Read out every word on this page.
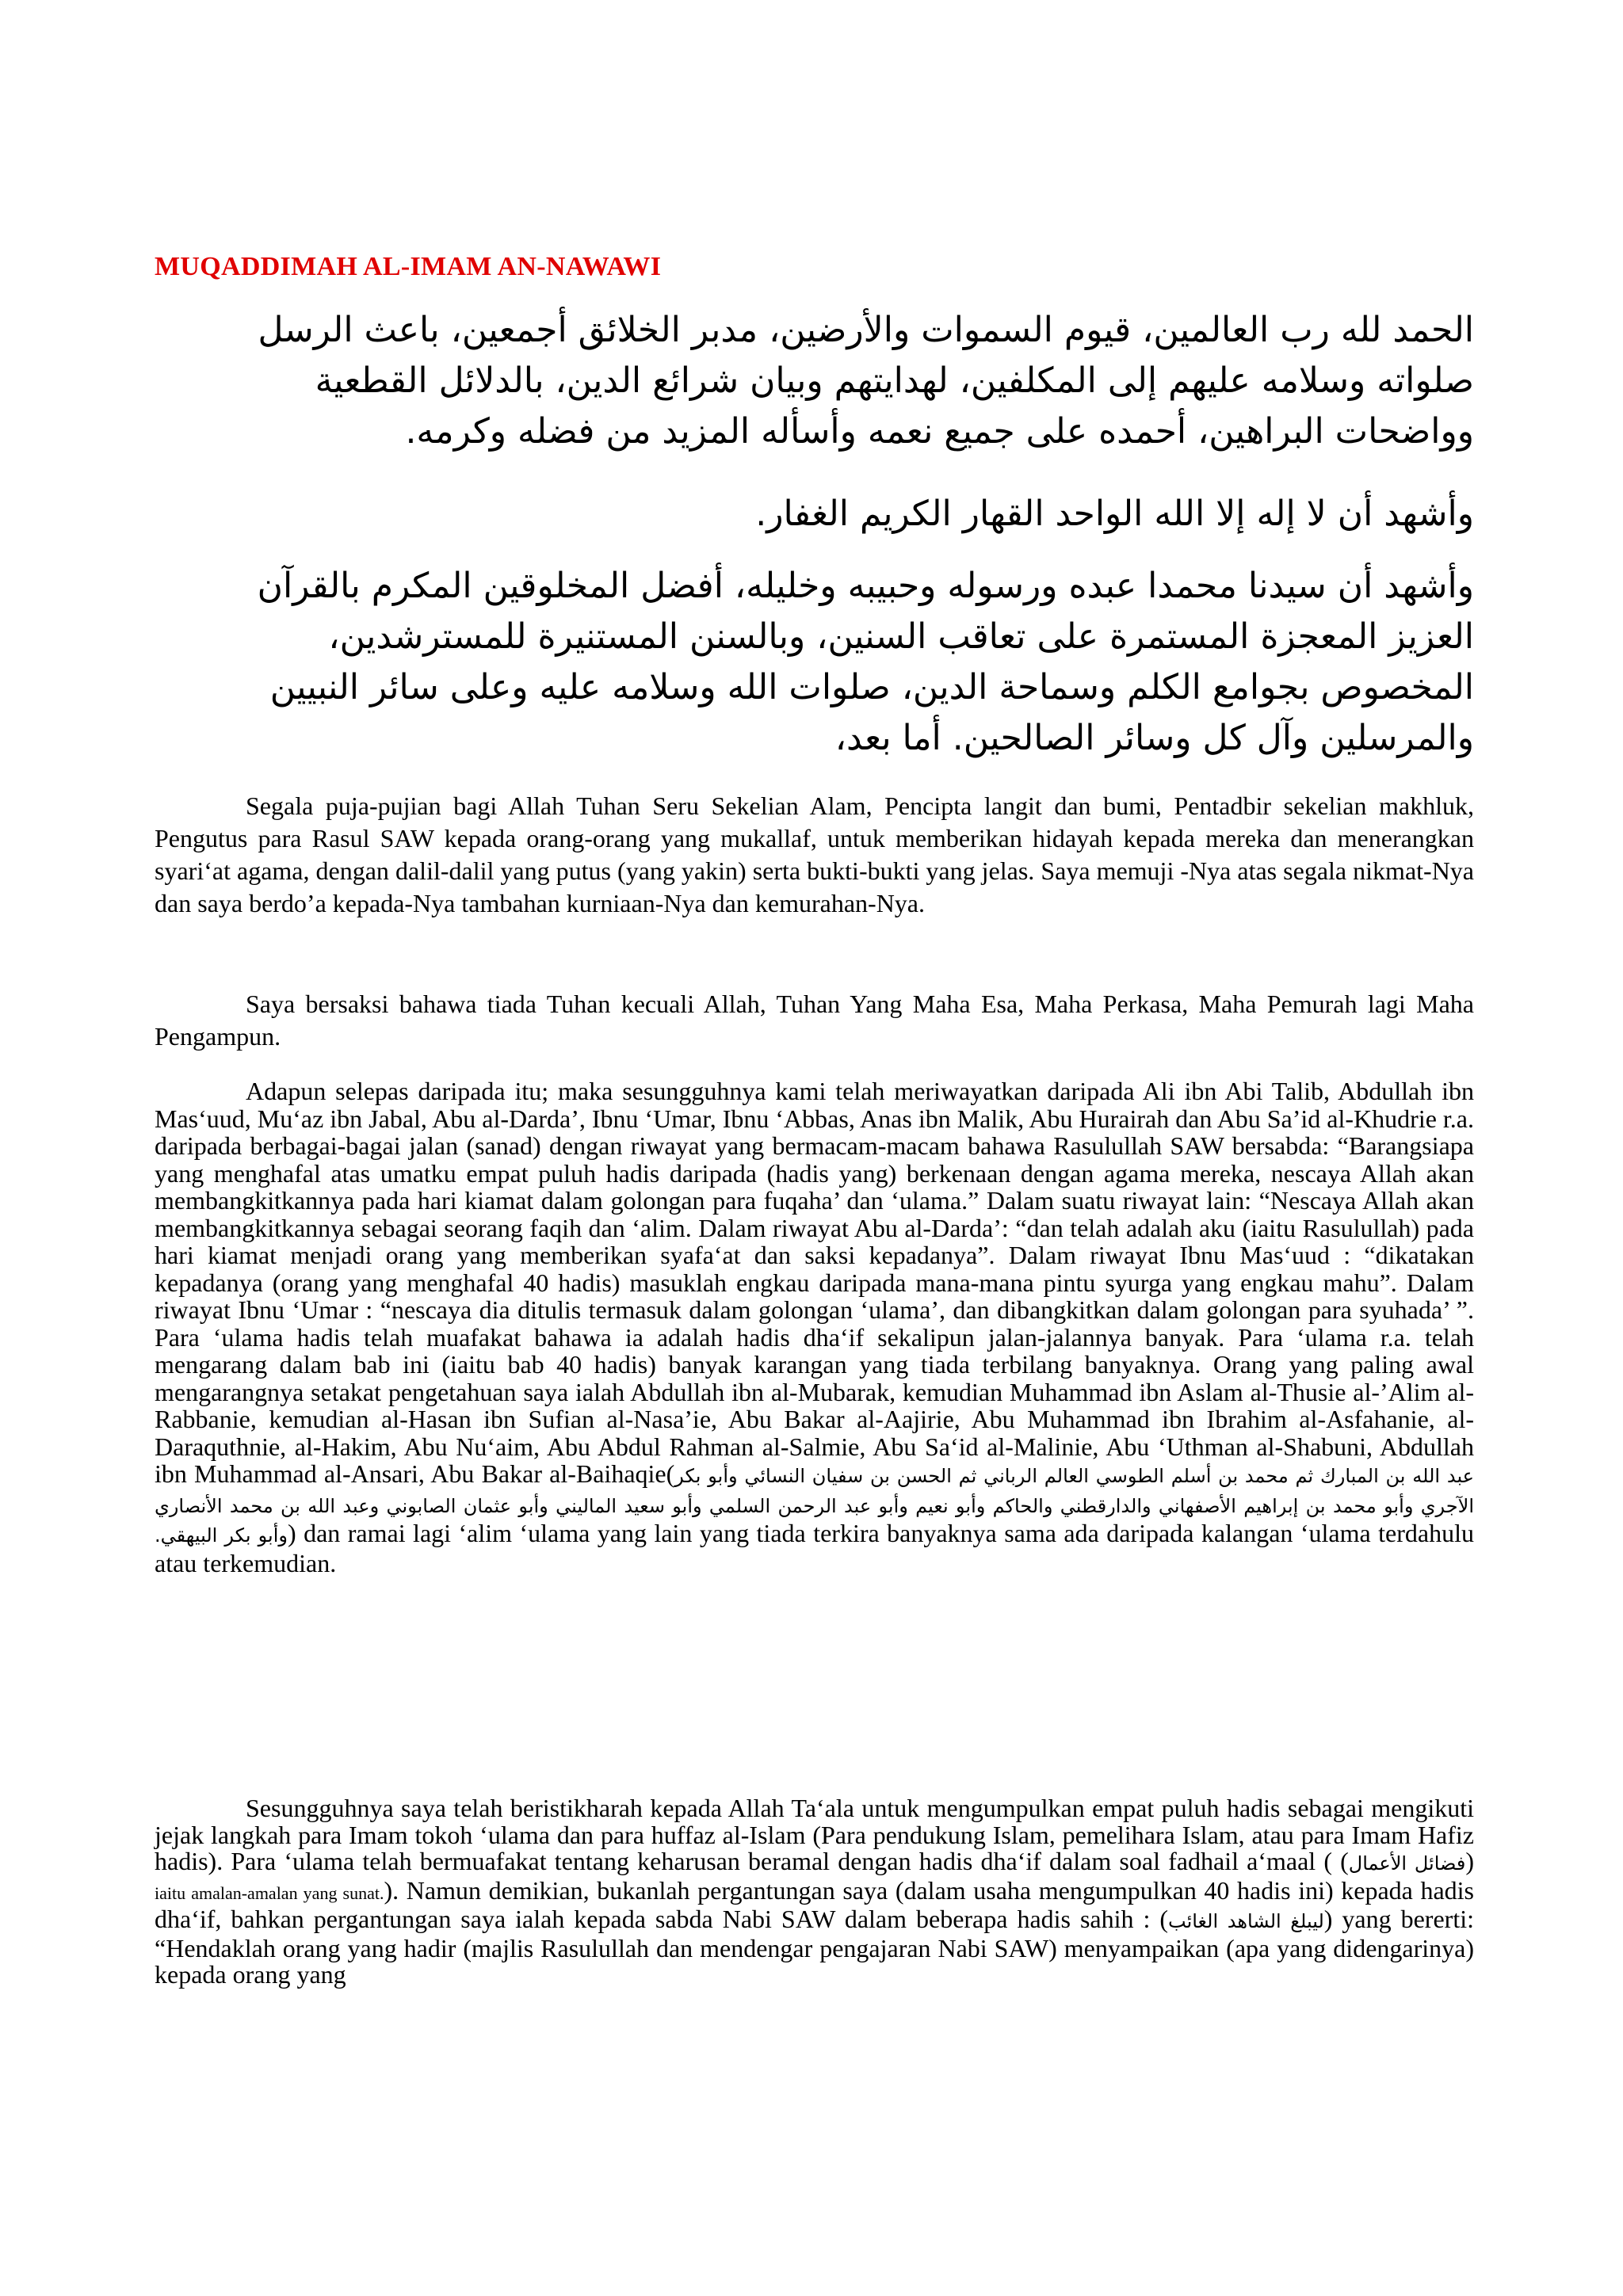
MUQADDIMAH AL-IMAM AN-NAWAWI
الحمد لله رب العالمين، قيوم السموات والأرضين، مدبر الخلائق أجمعين، باعث الرسل
صلواته وسلامه عليهم إلى المكلفين، لهدايتهم وبيان شرائع الدين، بالدلائل القطعية
وواضحات البراهين، أحمده على جميع نعمه وأسأله المزيد من فضله وكرمه.
وأشهد أن لا إله إلا الله الواحد القهار الكريم الغفار.
وأشهد أن سيدنا محمدا عبده ورسوله وحبيبه وخليله، أفضل المخلوقين المكرم بالقرآن
العزيز المعجزة المستمرة على تعاقب السنين، وبالسنن المستنيرة للمسترشدين،
المخصوص بجوامع الكلم وسماحة الدين، صلوات الله وسلامه عليه وعلى سائر النبيين
والمرسلين وآل كل وسائر الصالحين. أما بعد،

Segala puja-pujian bagi Allah Tuhan Seru Sekelian Alam, Pencipta langit dan bumi, Pentadbir sekelian makhluk, Pengutus para Rasul SAW kepada orang-orang yang mukallaf, untuk memberikan hidayah kepada mereka dan menerangkan syari‘at agama, dengan dalil-dalil yang putus (yang yakin) serta bukti-bukti yang jelas. Saya memuji -Nya atas segala nikmat-Nya dan saya berdo’a kepada-Nya tambahan kurniaan-Nya dan kemurahan-Nya.

Saya bersaksi bahawa tiada Tuhan kecuali Allah, Tuhan Yang Maha Esa, Maha Perkasa, Maha Pemurah lagi Maha Pengampun.

Adapun selepas daripada itu; maka sesungguhnya kami telah meriwayatkan daripada Ali ibn Abi Talib, Abdullah ibn Mas‘uud, Mu‘az ibn Jabal, Abu al-Darda’, Ibnu ‘Umar, Ibnu ‘Abbas, Anas ibn Malik, Abu Hurairah dan Abu Sa’id al-Khudrie r.a. daripada berbagai-bagai jalan (sanad) dengan riwayat yang bermacam-macam bahawa Rasulullah SAW bersabda: “Barangsiapa yang menghafal atas umatku empat puluh hadis daripada (hadis yang) berkenaan dengan agama mereka, nescaya Allah akan membangkitkannya pada hari kiamat dalam golongan para fuqaha’ dan ‘ulama.” Dalam suatu riwayat lain: “Nescaya Allah akan membangkitkannya sebagai seorang faqih dan ‘alim. Dalam riwayat Abu al-Darda’: “dan telah adalah aku (iaitu Rasulullah) pada hari kiamat menjadi orang yang memberikan syafa‘at dan saksi kepadanya”. Dalam riwayat Ibnu Mas‘uud : “dikatakan kepadanya (orang yang menghafal 40 hadis) masuklah engkau daripada mana-mana pintu syurga yang engkau mahu”. Dalam riwayat Ibnu ‘Umar : “nescaya dia ditulis termasuk dalam golongan ‘ulama’, dan dibangkitkan dalam golongan para syuhada’ ”. Para ‘ulama hadis telah muafakat bahawa ia adalah hadis dha‘if sekalipun jalan-jalannya banyak. Para ‘ulama r.a. telah mengarang dalam bab ini (iaitu bab 40 hadis) banyak karangan yang tiada terbilang banyaknya. Orang yang paling awal mengarangnya setakat pengetahuan saya ialah Abdullah ibn al-Mubarak, kemudian Muhammad ibn Aslam al-Thusie al-’Alim al-Rabbanie, kemudian al-Hasan ibn Sufian al-Nasa’ie, Abu Bakar al-Aajirie, Abu Muhammad ibn Ibrahim al-Asfahanie, al-Daraquthnie, al-Hakim, Abu Nu‘aim, Abu Abdul Rahman al-Salmie, Abu Sa‘id al-Malinie, Abu ‘Uthman al-Shabuni, Abdullah ibn Muhammad al-Ansari, Abu Bakar al-Baihaqie(عبد الله بن المبارك ثم محمد بن أسلم الطوسي العالم الرباني ثم الحسن بن سفيان النسائي وأبو بكر الآجري وأبو محمد بن إبراهيم الأصفهاني والدارقطني والحاكم وأبو نعيم وأبو عبد الرحمن السلمي وأبو سعيد الماليني وأبو عثمان الصابوني وعبد الله بن محمد الأنصاري وأبو بكر البيهقي.) dan ramai lagi ‘alim ‘ulama yang lain yang tiada terkira banyaknya sama ada daripada kalangan ‘ulama terdahulu atau terkemudian.

Sesungguhnya saya telah beristikharah kepada Allah Ta‘ala untuk mengumpulkan empat puluh hadis sebagai mengikuti jejak langkah para Imam tokoh ‘ulama dan para huffaz al-Islam (Para pendukung Islam, pemelihara Islam, atau para Imam Hafiz hadis). Para ‘ulama telah bermuafakat tentang keharusan beramal dengan hadis dha‘if dalam soal fadhail a‘maal ( (فضائل الأعمال) iaitu amalan-amalan yang sunat.). Namun demikian, bukanlah pergantungan saya (dalam usaha mengumpulkan 40 hadis ini) kepada hadis dha‘if, bahkan pergantungan saya ialah kepada sabda Nabi SAW dalam beberapa hadis sahih : (ليبلغ الشاهد الغائب) yang bererti: “Hendaklah orang yang hadir (majlis Rasulullah dan mendengar pengajaran Nabi SAW) menyampaikan (apa yang didengarinya) kepada orang yang
